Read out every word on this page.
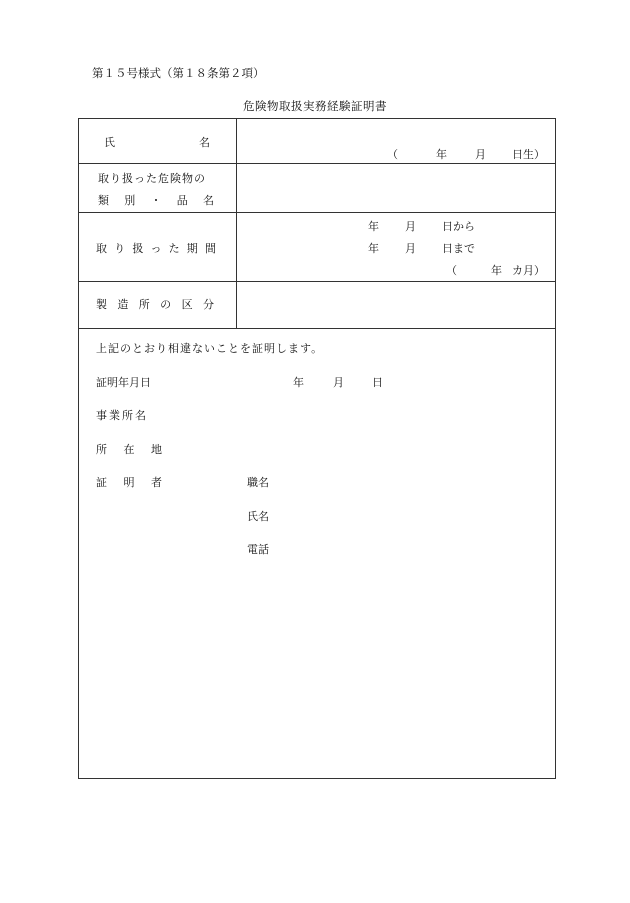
第１５号様式（第１８条第２項）
危険物取扱実務経験証明書
氏	名
（	年	月 日生）
取り扱った危険物の
類 別 ・ 品 名
取 り 扱 っ た 期 間
年 月 日から
年 月 日まで
（	年 カ月）
製 造 所 の 区 分
上記のとおり相違ないことを証明します。
証明年月日	年	月	日
事業所名
所 在 地
証 明 者	職名
氏名
電話
